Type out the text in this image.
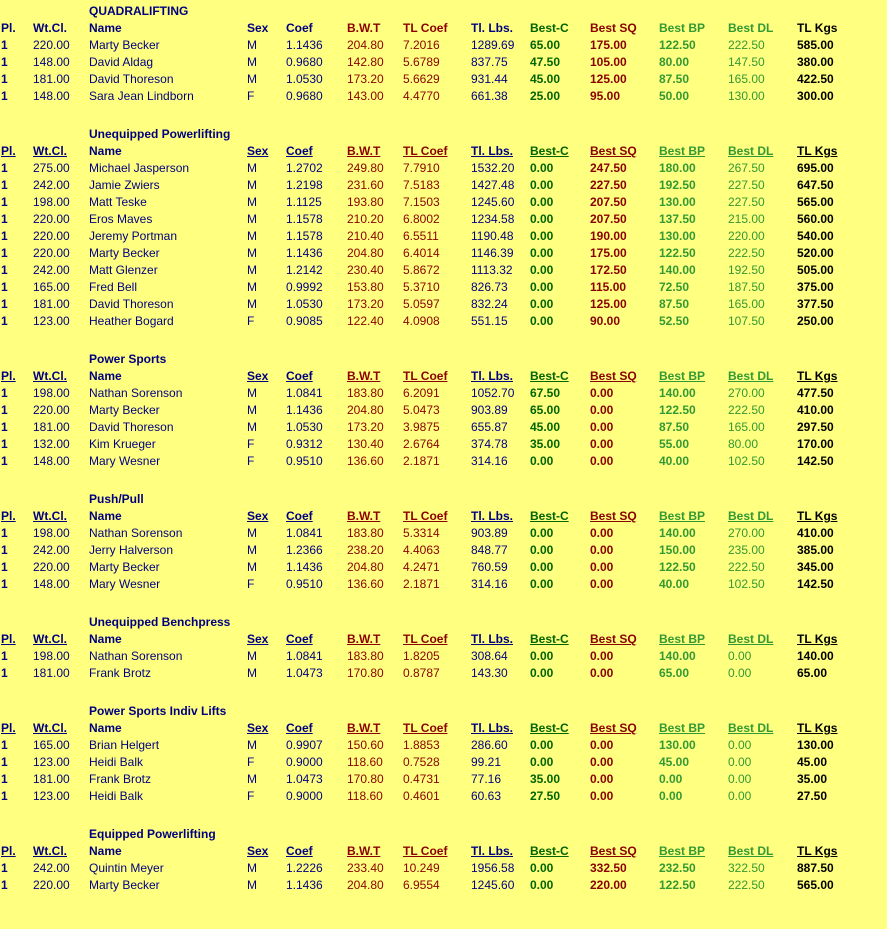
QUADRALIFTING
Pl. Wt.Cl. Name	Sex Coef	B.W.T TL Coef Tl. Lbs. Best-C Best SQ Best BP Best DL TL Kgs
1 220.00 Marty Becker	M 1.1436 204.80 7.2016	1289.69 65.00 175.00	122.50	222.50	585.00
1 148.00 David Aldag	M 0.9680 142.80 5.6789	837.75 47.50 105.00	80.00	147.50	380.00
1 181.00 David Thoreson	M 1.0530 173.20 5.6629	931.44 45.00 125.00	87.50	165.00	422.50
1 148.00 Sara Jean Lindborn	F	0.9680 143.00 4.4770	661.38 25.00 95.00	50.00	130.00	300.00
Unequipped Powerlifting
Pl. Wt.Cl. Name	Sex Coef	B.W.T TL Coef Tl. Lbs. Best-C Best SQ Best BP Best DL TL Kgs
1 275.00 Michael Jasperson	M 1.2702 249.80 7.7910	1532.20 0.00	247.50	180.00	267.50	695.00
1 242.00 Jamie Zwiers	M 1.2198 231.60 7.5183	1427.48 0.00	227.50	192.50	227.50	647.50
1 198.00 Matt Teske	M 1.1125 193.80 7.1503	1245.60 0.00	207.50	130.00	227.50	565.00
1 220.00 Eros Maves	M 1.1578 210.20 6.8002	1234.58 0.00	207.50	137.50	215.00	560.00
1 220.00 Jeremy Portman	M 1.1578 210.40 6.5511	1190.48 0.00	190.00	130.00	220.00	540.00
1 220.00 Marty Becker	M 1.1436 204.80 6.4014	1146.39 0.00	175.00	122.50	222.50	520.00
1 242.00 Matt Glenzer	M 1.2142 230.40 5.8672	1113.32 0.00	172.50	140.00	192.50	505.00
1 165.00 Fred Bell	M 0.9992 153.80 5.3710	826.73 0.00	115.00	72.50	187.50	375.00
1 181.00 David Thoreson	M 1.0530 173.20 5.0597	832.24 0.00	125.00	87.50	165.00	377.50
1 123.00 Heather Bogard	F	0.9085 122.40 4.0908	551.15 0.00	90.00	52.50	107.50	250.00
Power Sports
Pl. Wt.Cl. Name	Sex Coef	B.W.T TL Coef Tl. Lbs. Best-C Best SQ Best BP Best DL TL Kgs
1 198.00 Nathan Sorenson	M 1.0841 183.80 6.2091	1052.70 67.50 0.00	140.00	270.00	477.50
1 220.00 Marty Becker	M 1.1436 204.80 5.0473	903.89 65.00 0.00	122.50	222.50	410.00
1 181.00 David Thoreson	M 1.0530 173.20 3.9875	655.87 45.00 0.00	87.50	165.00	297.50
1 132.00 Kim Krueger	F	0.9312 130.40 2.6764	374.78 35.00 0.00	55.00	80.00	170.00
1 148.00 Mary Wesner	F	0.9510 136.60 2.1871	314.16 0.00	0.00	40.00	102.50	142.50
Push/Pull
Pl. Wt.Cl. Name	Sex Coef	B.W.T TL Coef Tl. Lbs. Best-C Best SQ Best BP Best DL TL Kgs
1 198.00 Nathan Sorenson	M 1.0841 183.80 5.3314	903.89 0.00	0.00	140.00	270.00	410.00
1 242.00 Jerry Halverson	M 1.2366 238.20 4.4063	848.77 0.00	0.00	150.00	235.00	385.00
1 220.00 Marty Becker	M 1.1436 204.80 4.2471	760.59 0.00	0.00	122.50	222.50	345.00
1 148.00 Mary Wesner	F	0.9510 136.60 2.1871	314.16 0.00	0.00	40.00	102.50	142.50
Unequipped Benchpress
Pl. Wt.Cl. Name	Sex Coef	B.W.T TL Coef Tl. Lbs. Best-C Best SQ Best BP Best DL TL Kgs
1 198.00 Nathan Sorenson	M 1.0841 183.80 1.8205	308.64 0.00	0.00	140.00	0.00	140.00
1 181.00 Frank Brotz	M 1.0473 170.80 0.8787	143.30 0.00	0.00	65.00	0.00	65.00
Power Sports Indiv Lifts
Pl. Wt.Cl. Name	Sex Coef	B.W.T TL Coef Tl. Lbs. Best-C Best SQ Best BP Best DL TL Kgs
1 165.00 Brian Helgert	M 0.9907 150.60 1.8853	286.60 0.00	0.00	130.00	0.00	130.00
1 123.00 Heidi Balk	F	0.9000 118.60 0.7528	99.21 0.00	0.00	45.00	0.00	45.00
1 181.00 Frank Brotz	M 1.0473 170.80 0.4731	77.16 35.00 0.00	0.00	0.00	35.00
1 123.00 Heidi Balk	F	0.9000 118.60 0.4601	60.63 27.50 0.00	0.00	0.00	27.50
Equipped Powerlifting
Pl. Wt.Cl. Name	Sex Coef	B.W.T TL Coef Tl. Lbs. Best-C Best SQ Best BP Best DL TL Kgs
1 242.00 Quintin Meyer	M 1.2226 233.40 10.249	1956.58 0.00	332.50	232.50	322.50	887.50
1 220.00 Marty Becker	M 1.1436 204.80 6.9554	1245.60 0.00	220.00	122.50	222.50	565.00
